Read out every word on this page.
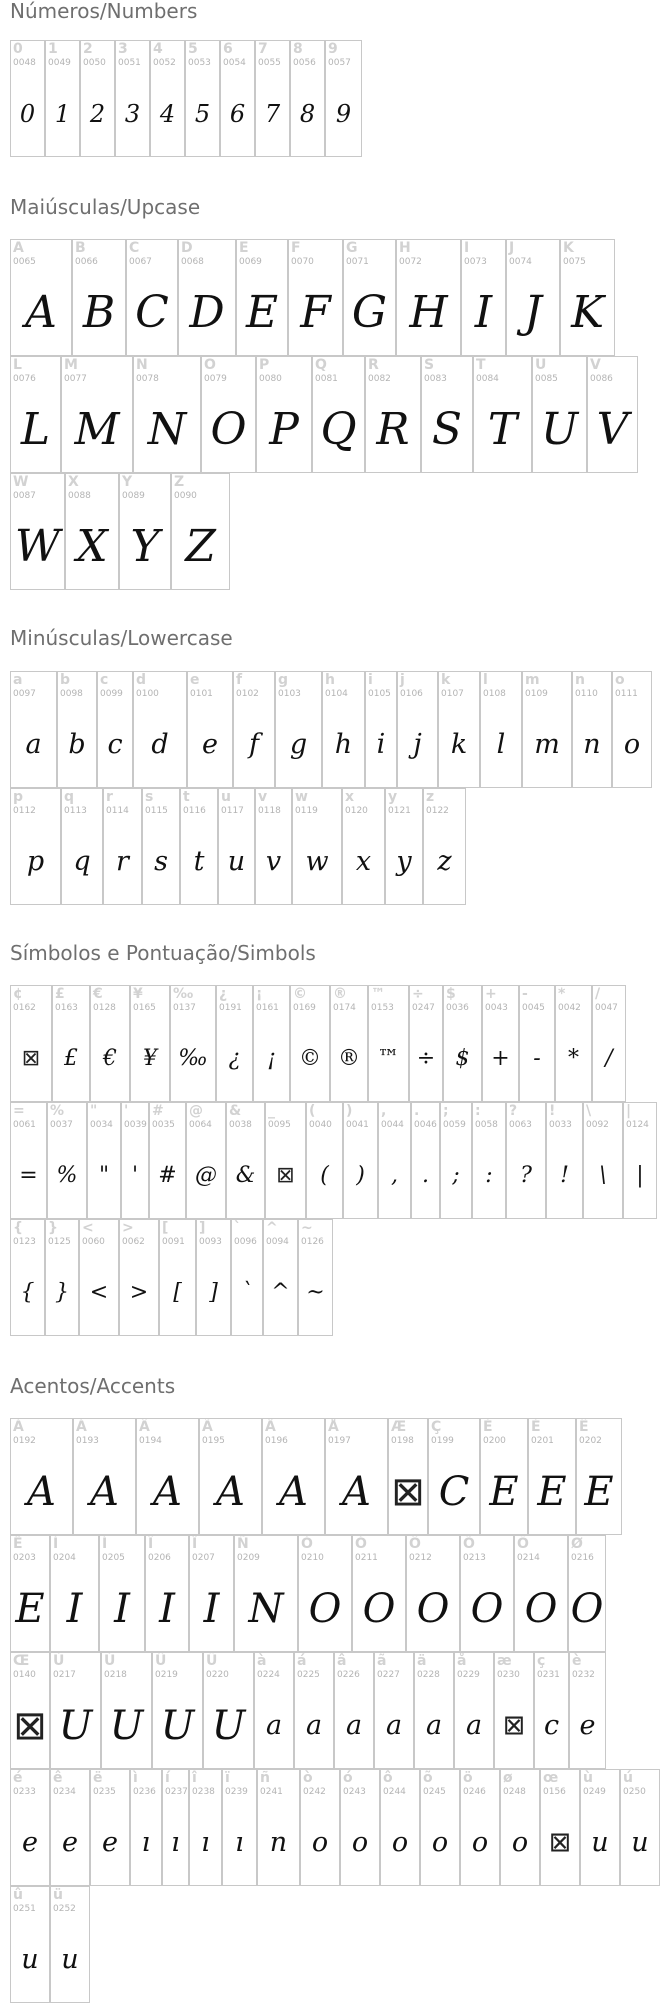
Números/Numbers
0
0048
0
1
0049
1
2
0050
2
3
0051
3
4
0052
4
5
0053
5
6
0054
6
7
0055
7
8
0056
8
9
0057
9
Maiúsculas/Upcase
A
0065
A
B
0066
B
C
0067
C
D
0068
D
E
0069
E
F
0070
F
G
0071
G
H
0072
H
I
0073
I
J
0074
J
K
0075
K
L
0076
L
M
0077
M
N
0078
N
O
0079
O
P
0080
P
Q
0081
Q
R
0082
R
S
0083
S
T
0084
T
U
0085
U
V
0086
V
W
0087
W
X
0088
X
Y
0089
Y
Z
0090
Z
Minúsculas/Lowercase
a
0097
a
b
0098
b
c
0099
c
d
0100
d
e
0101
e
f
0102
f
g
0103
g
h
0104
h
i
0105
i
j
0106
j
k
0107
k
l
0108
l
m
0109
m
n
0110
n
o
0111
o
p
0112
p
q
0113
q
r
0114
r
s
0115
s
t
0116
t
u
0117
u
v
0118
v
w
0119
w
x
0120
x
y
0121
y
z
0122
z
Símbolos e Pontuação/Simbols
¢
0162
⊠
£
0163
£
€
0128
€
¥
0165
¥
‰
0137
‰
¿
0191
¿
¡
0161
¡
©
0169
©
®
0174
®
™
0153
™
÷
0247
÷
$
0036
$
+
0043
+
-
0045
-
*
0042
*
/
0047
/
=
0061
=
%
0037
%
"
0034
"
'
0039
'
#
0035
#
@
0064
@
&
0038
&
_
0095
⊠
(
0040
(
)
0041
)
,
0044
,
.
0046
.
;
0059
;
:
0058
:
?
0063
?
!
0033
!
\
0092
\
|
0124
|
{
0123
{
}
0125
}
<
0060
<
>
0062
>
[
0091
[
]
0093
]
`
0096
`
^
0094
^
~
0126
~
Acentos/Accents
À
0192
A
Á
0193
A
Â
0194
A
Ã
0195
A
Ä
0196
A
Å
0197
A
Æ
0198
⊠
Ç
0199
C
È
0200
E
É
0201
E
Ê
0202
E
Ë
0203
E
Ì
0204
I
Í
0205
I
Î
0206
I
Ï
0207
I
Ñ
0209
N
Ò
0210
O
Ó
0211
O
Ô
0212
O
Õ
0213
O
Ö
0214
O
Ø
0216
O
Œ
0140
⊠
Ù
0217
U
Ú
0218
U
Û
0219
U
Ü
0220
U
à
0224
a
á
0225
a
â
0226
a
ã
0227
a
ä
0228
a
å
0229
a
æ
0230
⊠
ç
0231
c
è
0232
e
é
0233
e
ê
0234
e
ë
0235
e
ì
0236
ı
í
0237
ı
î
0238
ı
ï
0239
ı
ñ
0241
n
ò
0242
o
ó
0243
o
ô
0244
o
õ
0245
o
ö
0246
o
ø
0248
o
œ
0156
⊠
ù
0249
u
ú
0250
u
û
0251
u
ü
0252
u
